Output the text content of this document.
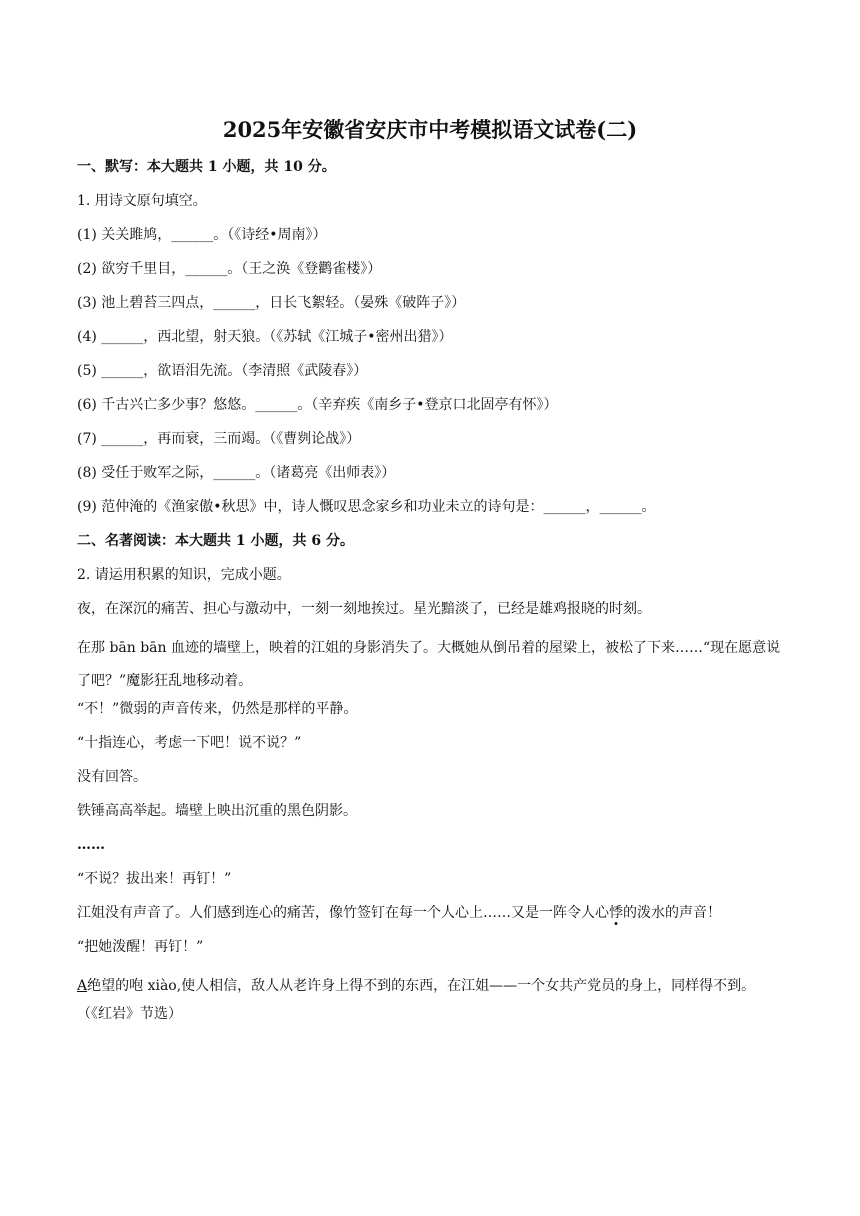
2025年安徽省安庆市中考模拟语文试卷(二)
一、默写：本大题共 1 小题，共 10 分。
1. 用诗文原句填空。
(1) 关关雎鸠，______。（《诗经•周南》）
(2) 欲穷千里目，______。（王之涣《登鹳雀楼》）
(3) 池上碧苔三四点，______，日长飞絮轻。（晏殊《破阵子》）
(4) ______，西北望，射天狼。（《苏轼《江城子•密州出猎》）
(5) ______，欲语泪先流。（李清照《武陵春》）
(6) 千古兴亡多少事？悠悠。______。（辛弃疾《南乡子•登京口北固亭有怀》）
(7) ______，再而衰，三而竭。（《曹刿论战》）
(8) 受任于败军之际，______。（诸葛亮《出师表》）
(9) 范仲淹的《渔家傲•秋思》中，诗人慨叹思念家乡和功业未立的诗句是：______，______。
二、名著阅读：本大题共 1 小题，共 6 分。
2. 请运用积累的知识，完成小题。
夜，在深沉的痛苦、担心与激动中，一刻一刻地挨过。星光黯淡了，已经是雄鸡报晓的时刻。
在那 bān bān 血迹的墙壁上，映着的江姐的身影消失了。大概她从倒吊着的屋梁上，被松了下来……“现在愿意说了吧？”魔影狂乱地移动着。
“不！”微弱的声音传来，仍然是那样的平静。
“十指连心，考虑一下吧！说不说？”
没有回答。
铁锤高高举起。墙壁上映出沉重的黑色阴影。
……
“不说？拔出来！再钉！”
江姐没有声音了。人们感到连心的痛苦，像竹签钉在每一个人心上……又是一阵令人心悸的泼水的声音！
“把她泼醒！再钉！”
A绝望的咆 xiào,使人相信，敌人从老许身上得不到的东西，在江姐——一个女共产党员的身上，同样得不到。
（《红岩》节选）
